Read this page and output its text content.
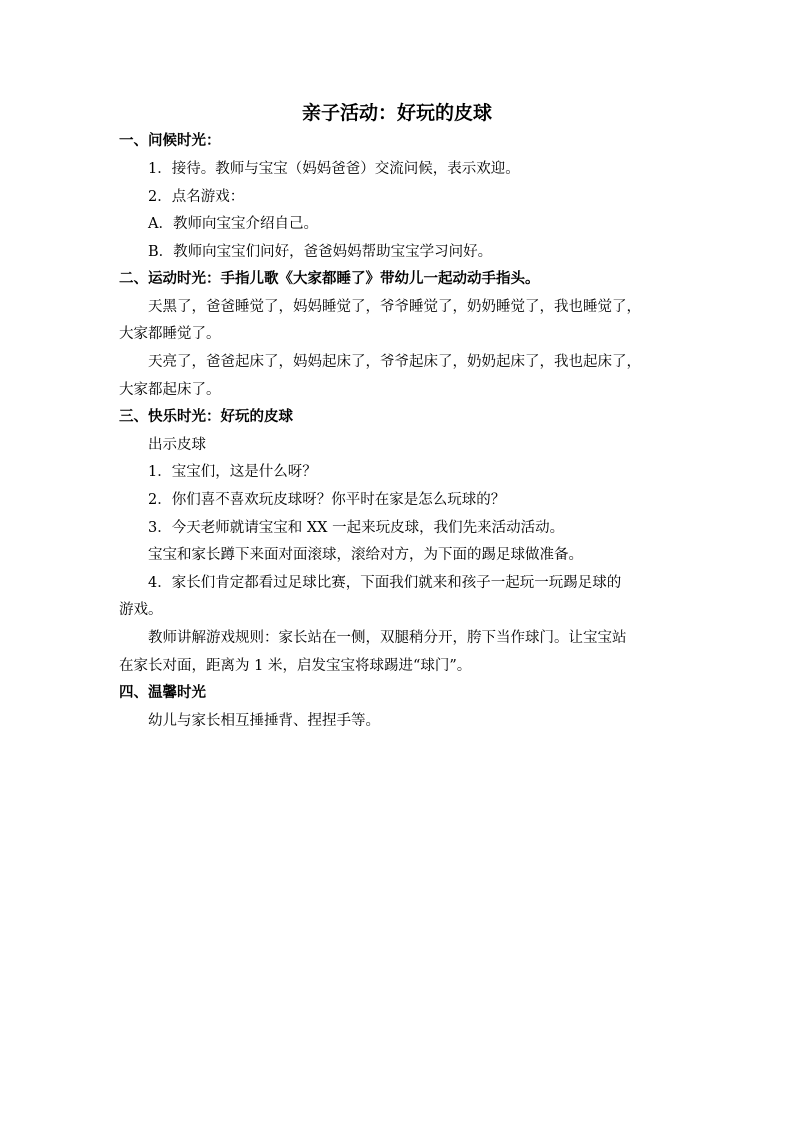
亲子活动：好玩的皮球
一、问候时光：
1．接待。教师与宝宝（妈妈爸爸）交流问候，表示欢迎。
2．点名游戏：
A．教师向宝宝介绍自己。
B．教师向宝宝们问好，爸爸妈妈帮助宝宝学习问好。
二、运动时光：手指儿歌《大家都睡了》带幼儿一起动动手指头。
天黑了，爸爸睡觉了，妈妈睡觉了，爷爷睡觉了，奶奶睡觉了，我也睡觉了，
大家都睡觉了。
天亮了，爸爸起床了，妈妈起床了，爷爷起床了，奶奶起床了，我也起床了，
大家都起床了。
三、快乐时光：好玩的皮球
出示皮球
1．宝宝们，这是什么呀？
2．你们喜不喜欢玩皮球呀？你平时在家是怎么玩球的？
3．今天老师就请宝宝和 XX 一起来玩皮球，我们先来活动活动。
宝宝和家长蹲下来面对面滚球，滚给对方，为下面的踢足球做准备。
4．家长们肯定都看过足球比赛，下面我们就来和孩子一起玩一玩踢足球的
游戏。
教师讲解游戏规则：家长站在一侧，双腿稍分开，胯下当作球门。让宝宝站
在家长对面，距离为 1 米，启发宝宝将球踢进“球门”。
四、温馨时光
幼儿与家长相互捶捶背、捏捏手等。
